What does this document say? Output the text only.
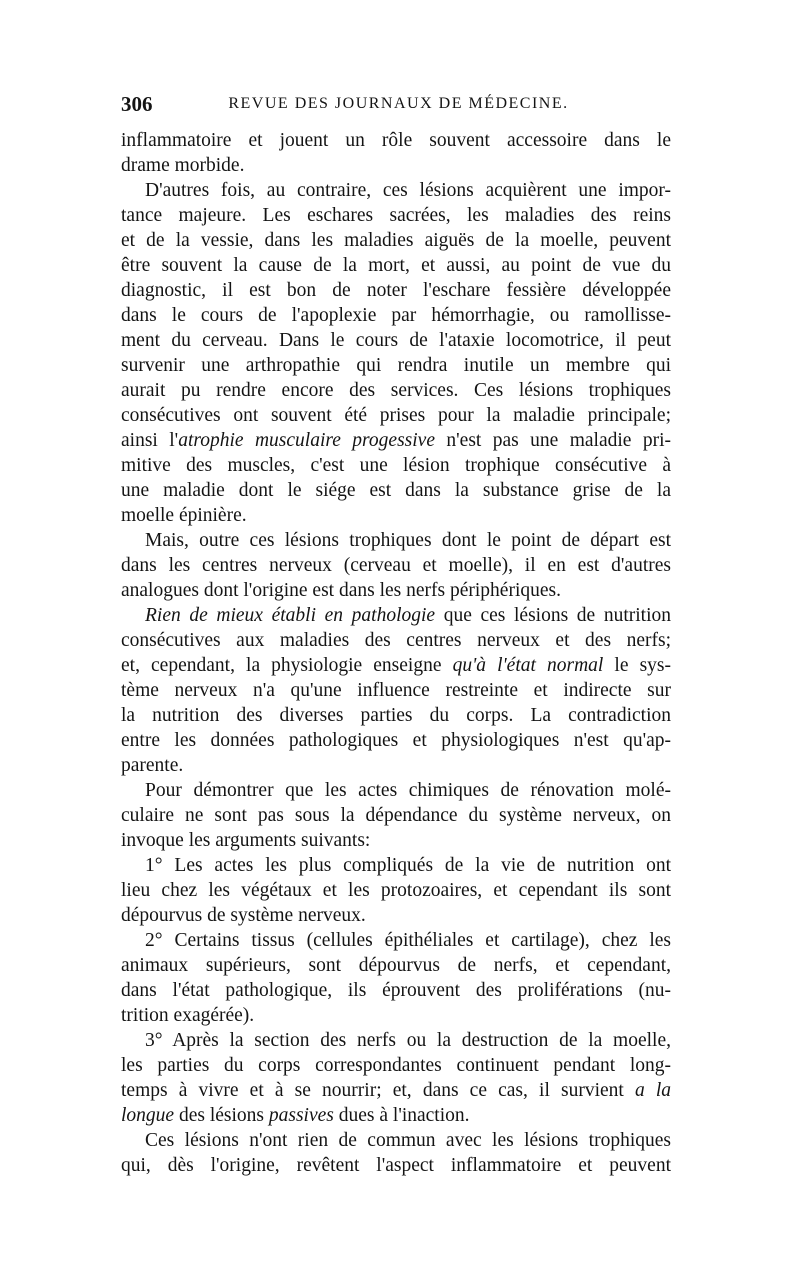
306	REVUE DES JOURNAUX DE MÉDECINE.
inflammatoire et jouent un rôle souvent accessoire dans le
drame morbide.
D'autres fois, au contraire, ces lésions acquièrent une impor-
tance majeure. Les eschares sacrées, les maladies des reins
et de la vessie, dans les maladies aiguës de la moelle, peuvent
être souvent la cause de la mort, et aussi, au point de vue du
diagnostic, il est bon de noter l'eschare fessière développée
dans le cours de l'apoplexie par hémorrhagie, ou ramollisse-
ment du cerveau. Dans le cours de l'ataxie locomotrice, il peut
survenir une arthropathie qui rendra inutile un membre qui
aurait pu rendre encore des services. Ces lésions trophiques
consécutives ont souvent été prises pour la maladie principale;
ainsi l'atrophie musculaire progessive n'est pas une maladie pri-
mitive des muscles, c'est une lésion trophique consécutive à
une maladie dont le siége est dans la substance grise de la
moelle épinière.
Mais, outre ces lésions trophiques dont le point de départ est
dans les centres nerveux (cerveau et moelle), il en est d'autres
analogues dont l'origine est dans les nerfs périphériques.
Rien de mieux établi en pathologie que ces lésions de nutrition
consécutives aux maladies des centres nerveux et des nerfs;
et, cependant, la physiologie enseigne qu'à l'état normal le sys-
tème nerveux n'a qu'une influence restreinte et indirecte sur
la nutrition des diverses parties du corps. La contradiction
entre les données pathologiques et physiologiques n'est qu'ap-
parente.
Pour démontrer que les actes chimiques de rénovation molé-
culaire ne sont pas sous la dépendance du système nerveux, on
invoque les arguments suivants:
1° Les actes les plus compliqués de la vie de nutrition ont
lieu chez les végétaux et les protozoaires, et cependant ils sont
dépourvus de système nerveux.
2° Certains tissus (cellules épithéliales et cartilage), chez les
animaux supérieurs, sont dépourvus de nerfs, et cependant,
dans l'état pathologique, ils éprouvent des proliférations (nu-
trition exagérée).
3° Après la section des nerfs ou la destruction de la moelle,
les parties du corps correspondantes continuent pendant long-
temps à vivre et à se nourrir; et, dans ce cas, il survient a la
longue des lésions passives dues à l'inaction.
Ces lésions n'ont rien de commun avec les lésions trophiques
qui, dès l'origine, revêtent l'aspect inflammatoire et peuvent
